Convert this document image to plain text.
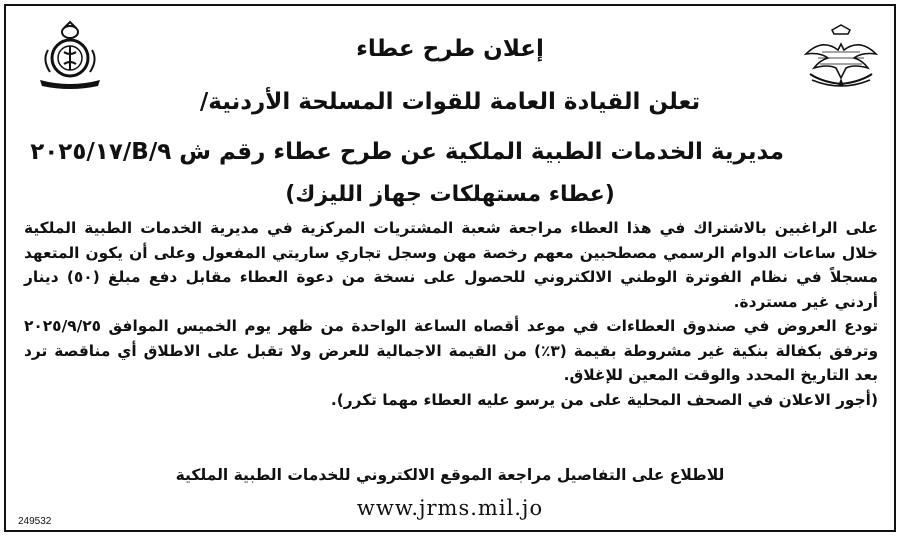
إعلان طرح عطاء
تعلن القيادة العامة للقوات المسلحة الأردنية/
مديرية الخدمات الطبية الملكية عن طرح عطاء رقم ش ٩/B/٢٠٢٥/١٧
(عطاء مستهلكات جهاز الليزك)

على الراغبين بالاشتراك في هذا العطاء مراجعة شعبة المشتريات المركزية في مديرية الخدمات الطبية الملكية خلال ساعات الدوام الرسمي مصطحبين معهم رخصة مهن وسجل تجاري ساريتي المفعول وعلى أن يكون المتعهد مسجلاً في نظام الفوترة الوطني الالكتروني للحصول على نسخة من دعوة العطاء مقابل دفع مبلغ (٥٠) دينار أردني غير مستردة.

تودع العروض في صندوق العطاءات في موعد أقصاه الساعة الواحدة من ظهر يوم الخميس الموافق ٢٠٢٥/٩/٢٥ وترفق بكفالة بنكية غير مشروطة بقيمة (٣٪) من القيمة الاجمالية للعرض ولا تقبل على الاطلاق أي مناقصة ترد بعد التاريخ المحدد والوقت المعين للإغلاق.

(أجور الاعلان في الصحف المحلية على من يرسو عليه العطاء مهما تكرر).

للاطلاع على التفاصيل مراجعة الموقع الالكتروني للخدمات الطبية الملكية
www.jrms.mil.jo
249532
